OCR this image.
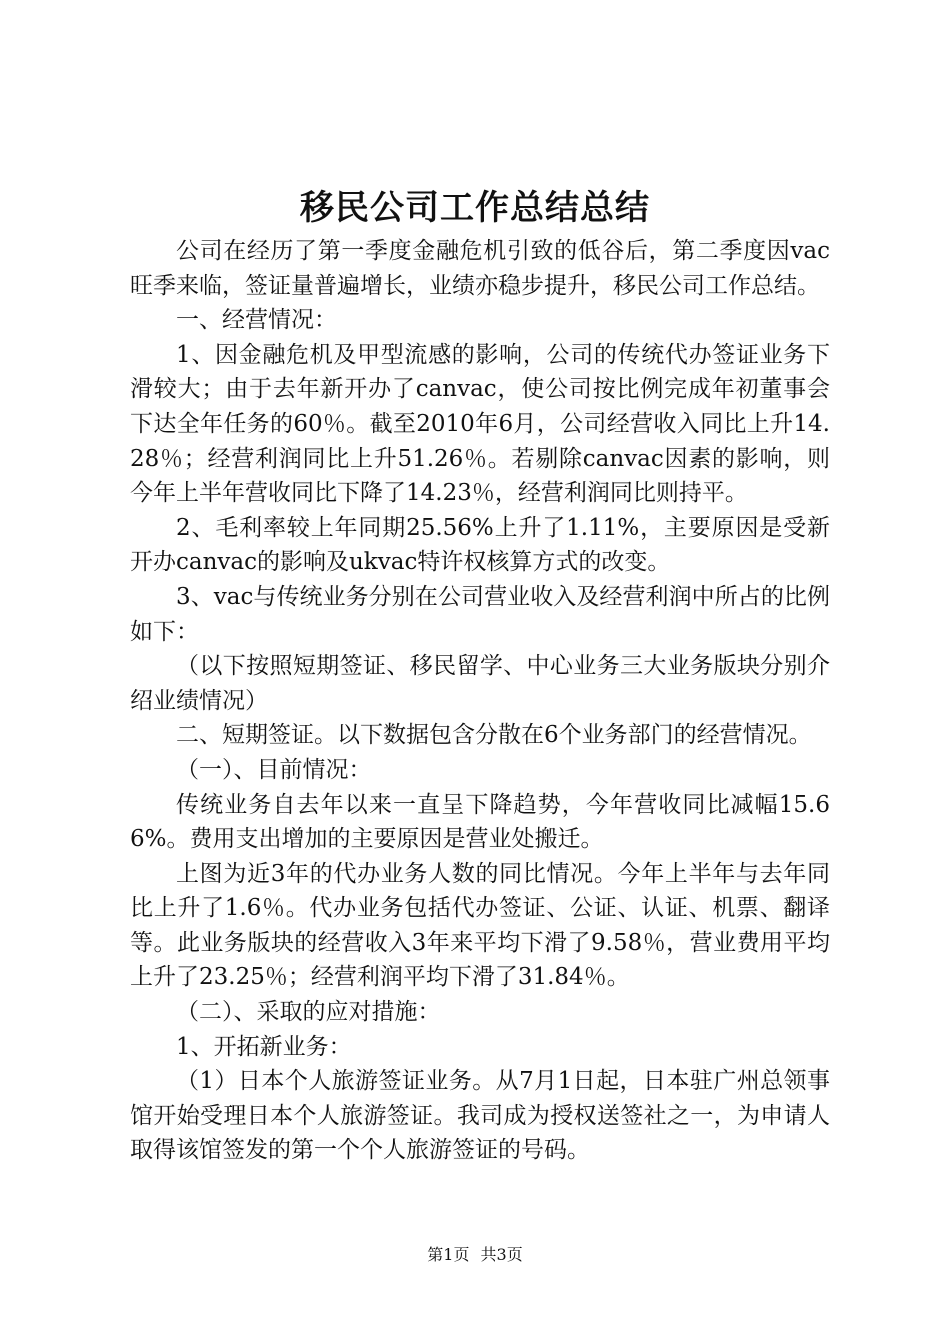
移民公司工作总结总结

公司在经历了第一季度金融危机引致的低谷后，第二季度因vac旺季来临，签证量普遍增长，业绩亦稳步提升，移民公司工作总结。

一、经营情况：

1、因金融危机及甲型流感的影响，公司的传统代办签证业务下滑较大；由于去年新开办了canvac，使公司按比例完成年初董事会下达全年任务的60％。截至2010年6月，公司经营收入同比上升14.28％；经营利润同比上升51.26％。若剔除canvac因素的影响，则今年上半年营收同比下降了14.23％，经营利润同比则持平。

2、毛利率较上年同期25.56%上升了1.11%，主要原因是受新开办canvac的影响及ukvac特许权核算方式的改变。

3、vac与传统业务分别在公司营业收入及经营利润中所占的比例如下：

（以下按照短期签证、移民留学、中心业务三大业务版块分别介绍业绩情况）

二、短期签证。以下数据包含分散在6个业务部门的经营情况。

（一）、目前情况：

传统业务自去年以来一直呈下降趋势，今年营收同比减幅15.66%。费用支出增加的主要原因是营业处搬迁。

上图为近3年的代办业务人数的同比情况。今年上半年与去年同比上升了1.6％。代办业务包括代办签证、公证、认证、机票、翻译等。此业务版块的经营收入3年来平均下滑了9.58％，营业费用平均上升了23.25％；经营利润平均下滑了31.84％。

（二）、采取的应对措施：

1、开拓新业务：

（1）日本个人旅游签证业务。从7月1日起，日本驻广州总领事馆开始受理日本个人旅游签证。我司成为授权送签社之一，为申请人取得该馆签发的第一个个人旅游签证的号码。

第1页 共3页
